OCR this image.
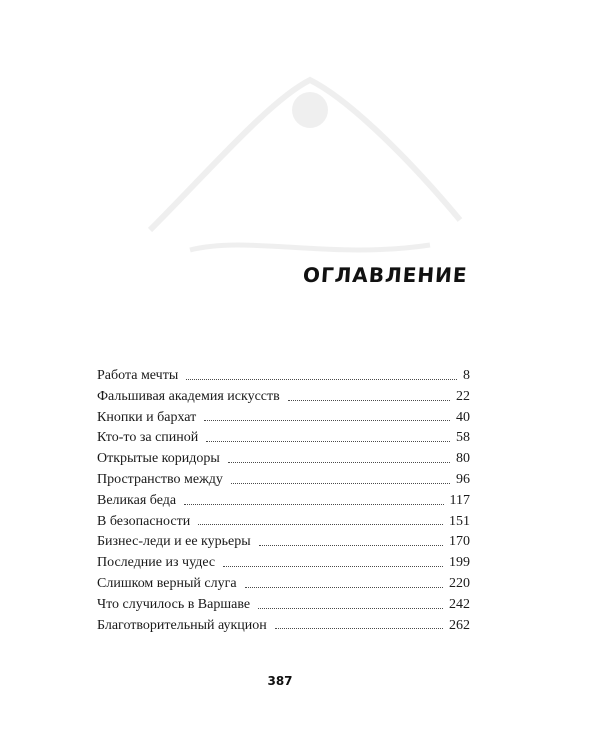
ОГЛАВЛЕНИЕ
Работа мечты	8
Фальшивая академия искусств	22
Кнопки и бархат	40
Кто-то за спиной	58
Открытые коридоры	80
Пространство между	96
Великая беда	117
В безопасности	151
Бизнес-леди и ее курьеры	170
Последние из чудес	199
Слишком верный слуга	220
Что случилось в Варшаве	242
Благотворительный аукцион	262
387
